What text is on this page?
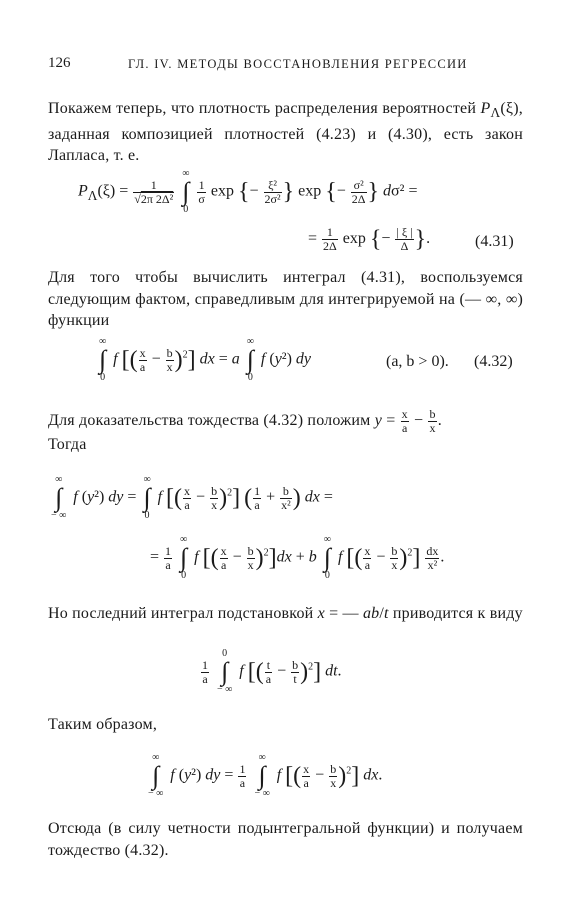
126	ГЛ. IV. МЕТОДЫ ВОССТАНОВЛЕНИЯ РЕГРЕССИИ
Покажем теперь, что плотность распределения вероятностей $P_\Lambda(\xi)$, заданная композицией плотностей (4.23) и (4.30), есть закон Лапласа, т. е.
$P_\Lambda(\xi) = \frac{1}{\text{√2π 2Δ²}}$

∞
∫
0

$\frac{1}{\sigma}$ exp {− $\frac{\text{ξ²}}{\text{2σ²}}$ } exp {− $\frac{\text{σ²}}{2\Delta}$ } dσ² =
= $\frac{1}{2\Delta}$ exp {− $\frac{| \xi |}{\Delta}$ }.	(4.31)
Для того чтобы вычислить интеграл (4.31), воспользуемся следующим фактом, справедливым для интегрируемой на (— ∞, ∞) функции
∞
∫
0
f [( $\frac{x}{a} - \frac{b}{x} )^2$] dx = a
∞
∫
0
f (y²) dy	(a, b > 0). (4.32)
Для доказательства тождества (4.32) положим $y = \frac{x}{a} - \frac{b}{x}$ .
Тогда
∞
∫
− ∞
f (y²) dy =
∞
∫
0
f [( $\frac{x}{a} - \frac{b}{x} )^2$] ( $\frac{1}{a} + \frac{b}{\text{x²}}$ ) dx =
= $\frac{1}{a}$

∞
∫
0
f [( $\frac{x}{a} - \frac{b}{x} )^2]dx + b$
∞
∫
0
f [( $\frac{x}{a} - \frac{b}{x} )^2] \frac{dx}{\text{x²}}$ .
Но последний интеграл подстановкой x = — ab/t приводится к виду
$\frac{1}{a}$

0
∫
− ∞
f [( $\frac{t}{a} - \frac{b}{t} )^2$] dt.
Таким образом,
∞
∫
− ∞
f (y²) dy = $\frac{1}{a}$

∞
∫
− ∞
f [( $\frac{x}{a} - \frac{b}{x} )^2$] dx.
Отсюда (в силу четности подынтегральной функции) и получаем тождество (4.32).
